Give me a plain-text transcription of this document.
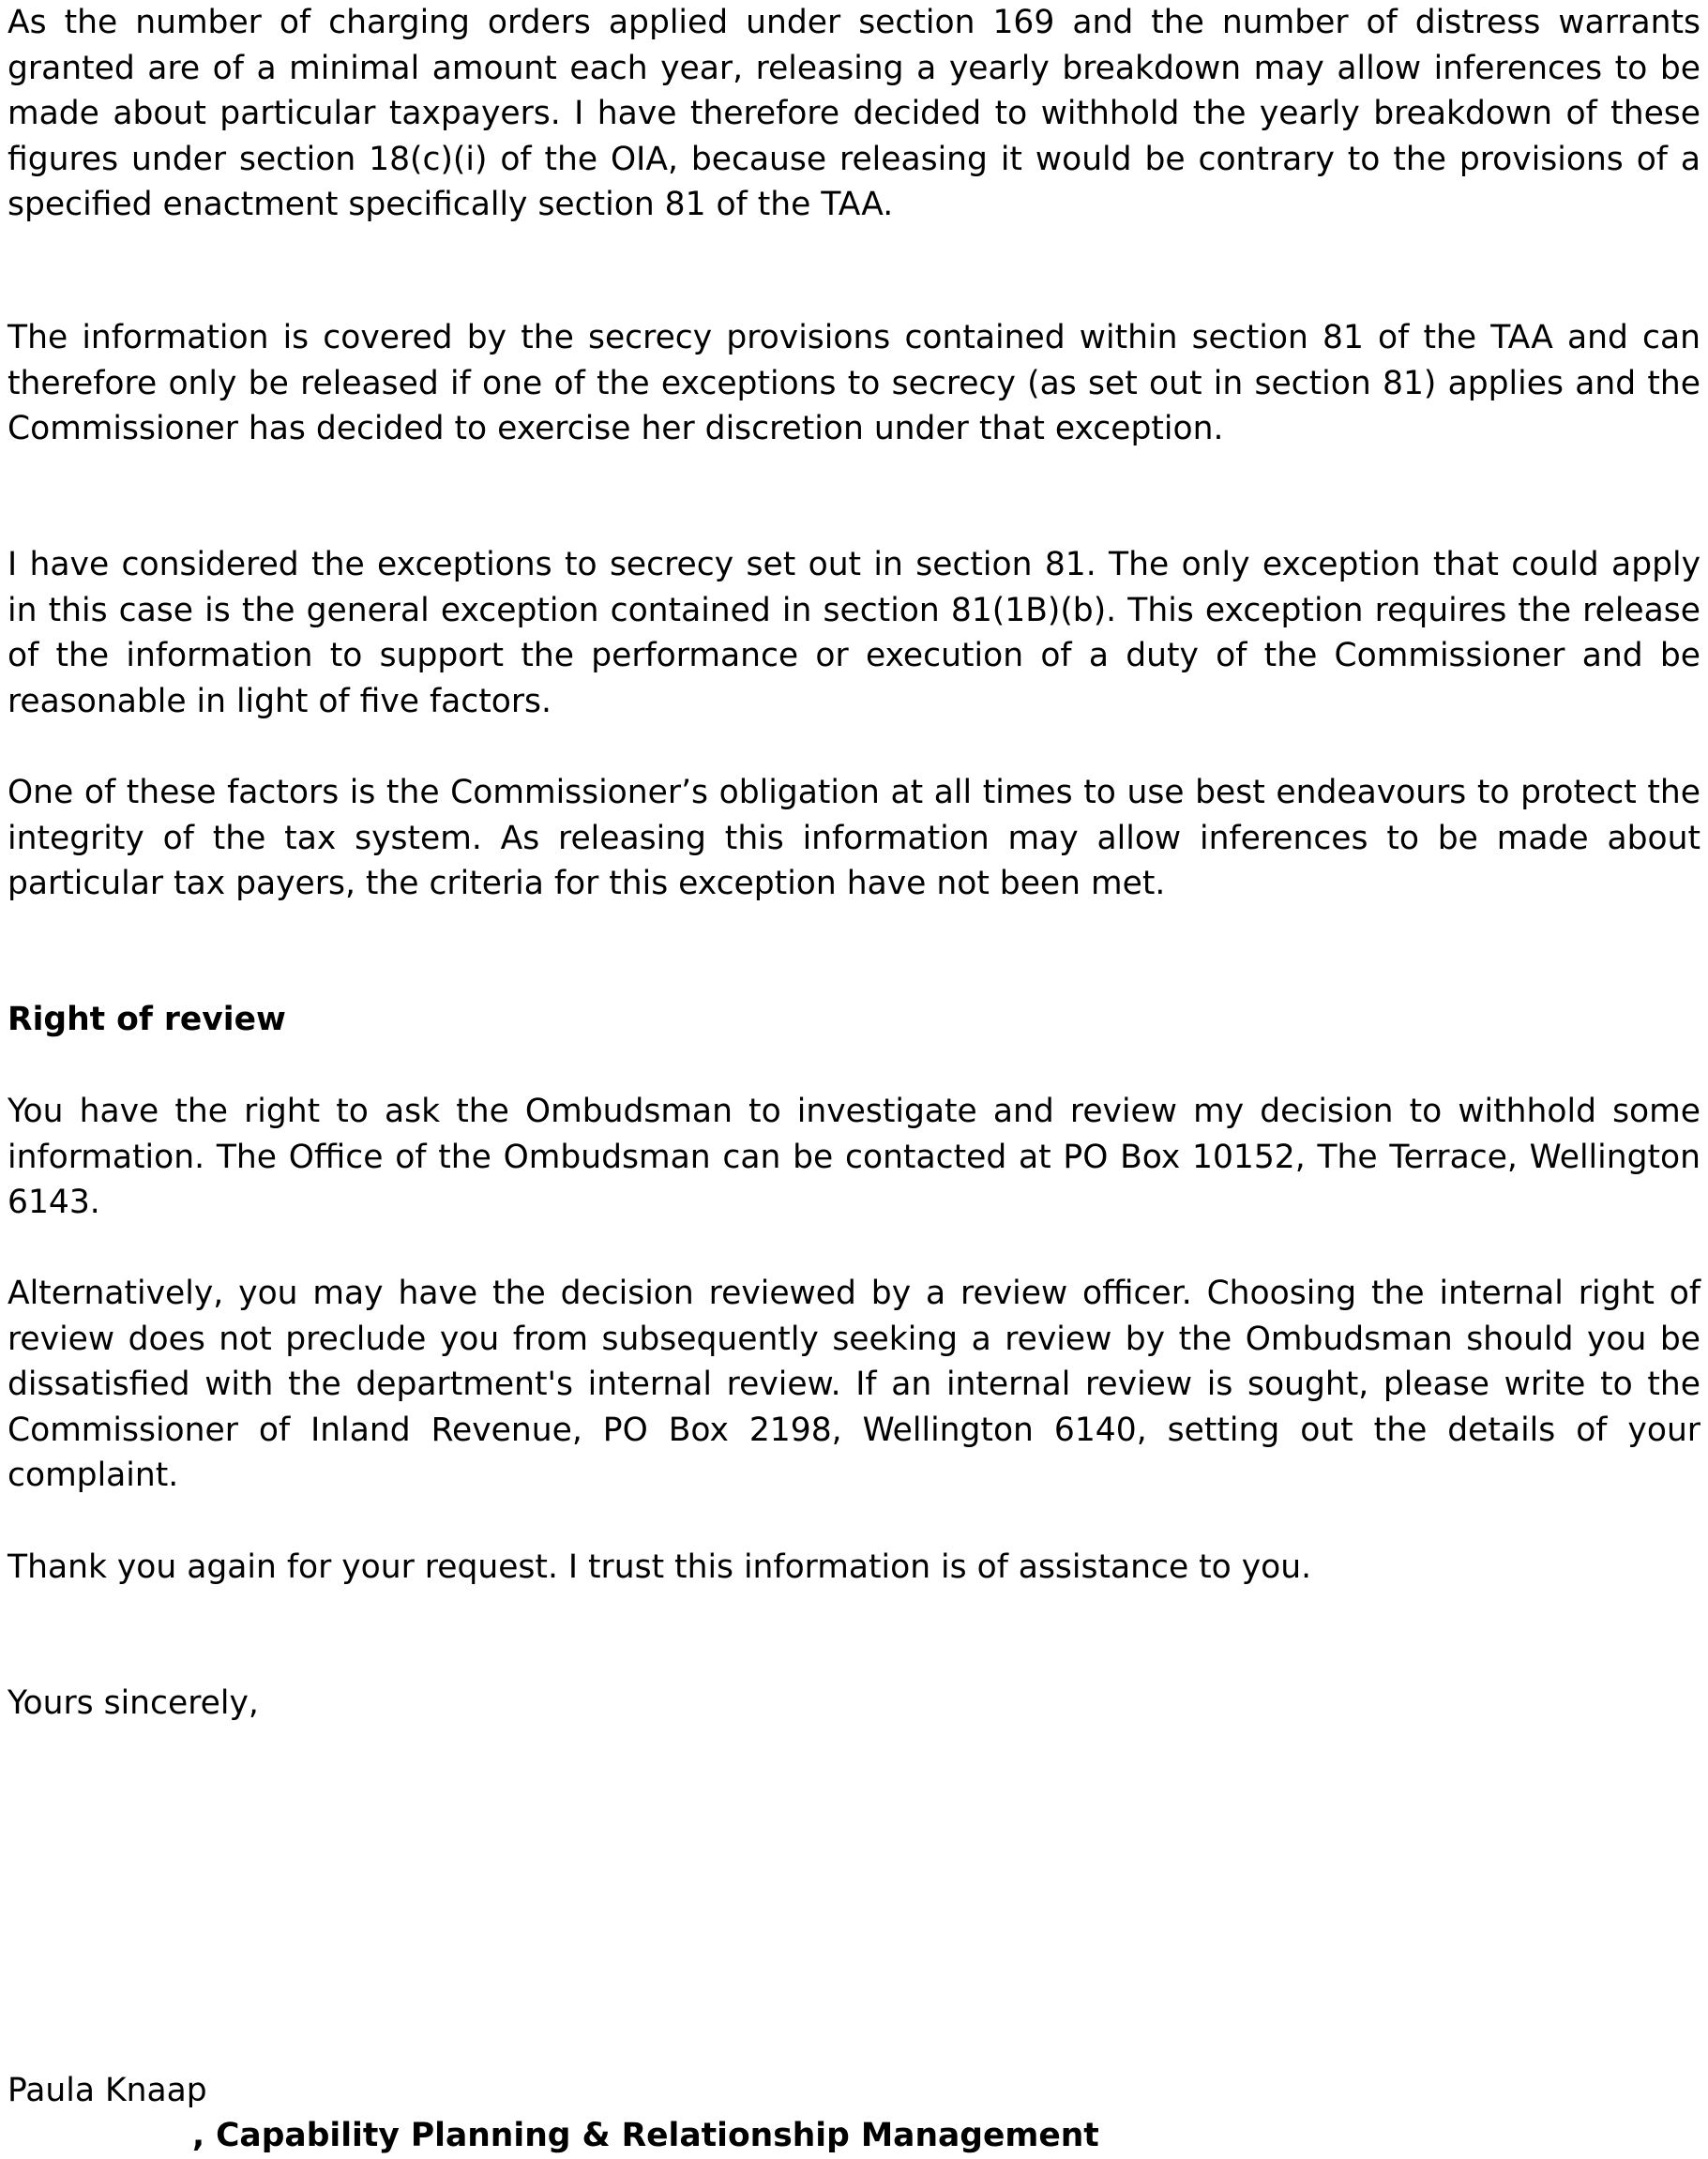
As the number of charging orders applied under section 169 and the number of distress warrants granted are of a minimal amount each year, releasing a yearly breakdown may allow inferences to be made about particular taxpayers. I have therefore decided to withhold the yearly breakdown of these figures under section 18(c)(i) of the OIA, because releasing it would be contrary to the provisions of a specified enactment specifically section 81 of the TAA.

The information is covered by the secrecy provisions contained within section 81 of the TAA and can therefore only be released if one of the exceptions to secrecy (as set out in section 81) applies and the Commissioner has decided to exercise her discretion under that exception.

I have considered the exceptions to secrecy set out in section 81. The only exception that could apply in this case is the general exception contained in section 81(1B)(b). This exception requires the release of the information to support the performance or execution of a duty of the Commissioner and be reasonable in light of five factors.

One of these factors is the Commissioner’s obligation at all times to use best endeavours to protect the integrity of the tax system. As releasing this information may allow inferences to be made about particular tax payers, the criteria for this exception have not been met.

Right of review

You have the right to ask the Ombudsman to investigate and review my decision to withhold some information. The Office of the Ombudsman can be contacted at PO Box 10152, The Terrace, Wellington 6143.

Alternatively, you may have the decision reviewed by a review officer. Choosing the internal right of review does not preclude you from subsequently seeking a review by the Ombudsman should you be dissatisfied with the department's internal review. If an internal review is sought, please write to the Commissioner of Inland Revenue, PO Box 2198, Wellington 6140, setting out the details of your complaint.

Thank you again for your request. I trust this information is of assistance to you.

Yours sincerely,

Paula Knaap

, Capability Planning & Relationship Management
